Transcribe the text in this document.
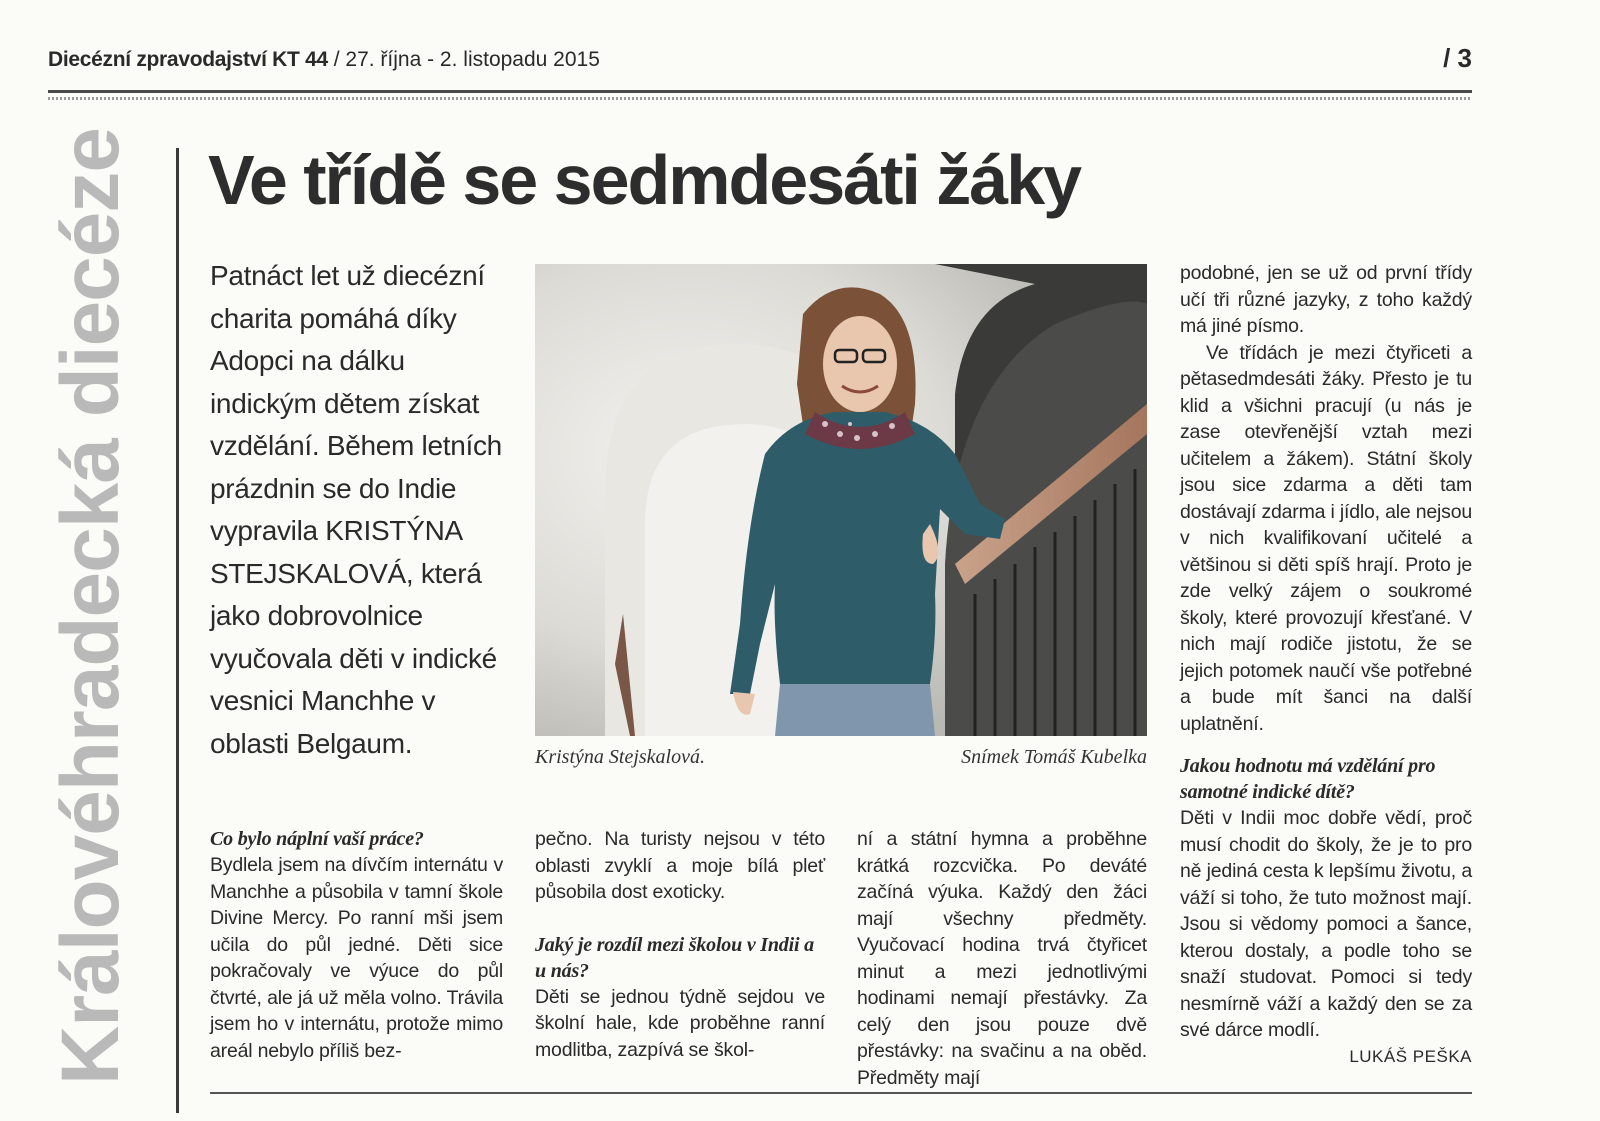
Diecézní zpravodajství KT 44 / 27. října - 2. listopadu 2015	/ 3
Královéhradecká diecéze Ve třídě se sedmdesáti žáky

Patnáct let už diecézní charita pomáhá díky Adopci na dálku indickým dětem získat vzdělání. Během letních prázdnin se do Indie vypravila KRISTÝNA STEJSKALOVÁ, která jako dobrovolnice vyučovala děti v indické vesnici Manchhe v oblasti Belgaum.	Kristýna Stejskalová.	Snímek Tomáš Kubelka

Co bylo náplní vaší práce?

Bydlela jsem na dívčím internátu v Manchhe a působila v tamní škole Divine Mercy. Po ranní mši jsem učila do půl jedné. Děti sice pokračovaly ve výuce do půl čtvrté, ale já už měla volno. Trávila jsem ho v internátu, protože mimo areál nebylo příliš bez-

pečno. Na turisty nejsou v této oblasti zvyklí a moje bílá pleť působila dost exoticky.

Jaký je rozdíl mezi školou v Indii a u nás?

Děti se jednou týdně sejdou ve školní hale, kde proběhne ranní modlitba, zazpívá se škol-

ní a státní hymna a proběhne krátká rozcvička. Po deváté začíná výuka. Každý den žáci mají všechny předměty. Vyučovací hodina trvá čtyřicet minut a mezi jednotlivými hodinami nemají přestávky. Za celý den jsou pouze dvě přestávky: na svačinu a na oběd. Předměty mají

podobné, jen se už od první třídy učí tři různé jazyky, z toho každý má jiné písmo.

Ve třídách je mezi čtyřiceti a pětasedmdesáti žáky. Přesto je tu klid a všichni pracují (u nás je zase otevřenější vztah mezi učitelem a žákem). Státní školy jsou sice zdarma a děti tam dostávají zdarma i jídlo, ale nejsou v nich kvalifikovaní učitelé a většinou si děti spíš hrají. Proto je zde velký zájem o soukromé školy, které provozují křesťané. V nich mají rodiče jistotu, že se jejich potomek naučí vše potřebné a bude mít šanci na další uplatnění.

Jakou hodnotu má vzdělání pro samotné indické dítě?

Děti v Indii moc dobře vědí, proč musí chodit do školy, že je to pro ně jediná cesta k lepšímu životu, a váží si toho, že tuto možnost mají. Jsou si vědomy pomoci a šance, kterou dostaly, a podle toho se snaží studovat. Pomoci si tedy nesmírně váží a každý den se za své dárce modlí.

LUKÁŠ PEŠKA
